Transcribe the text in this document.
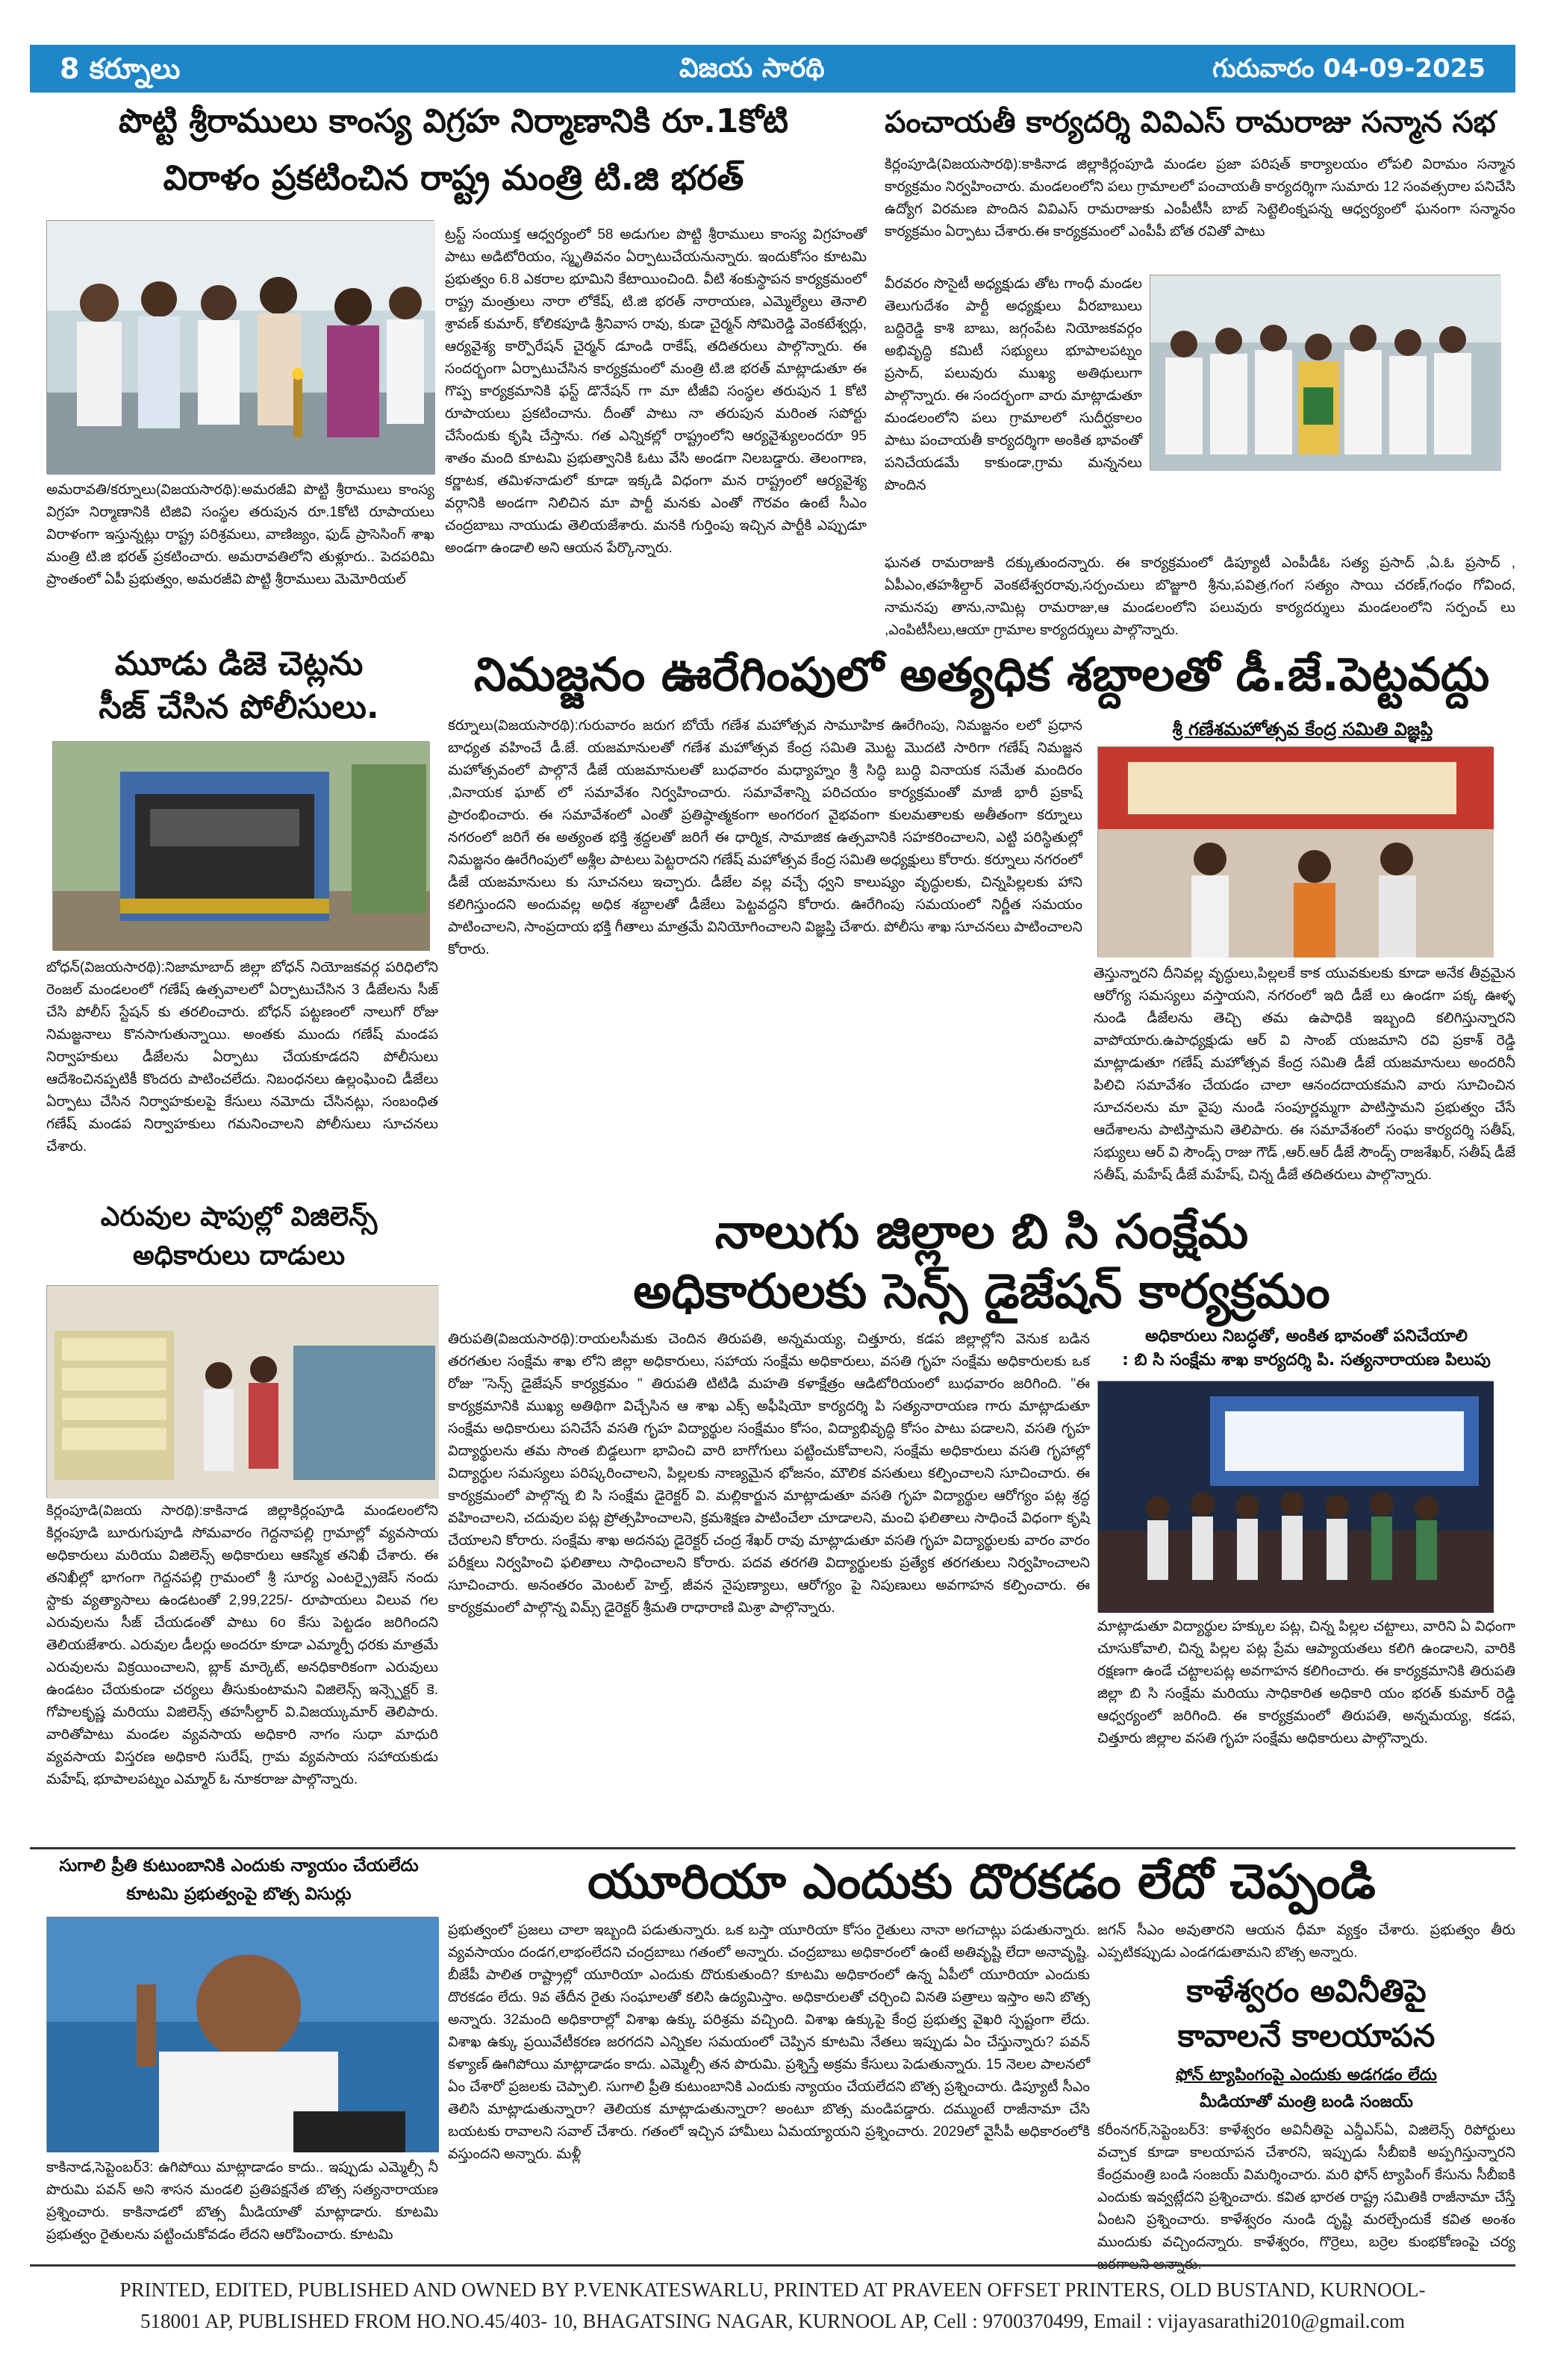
8 కర్నూలు	విజయ సారథి	గురువారం 04-09-2025
పొట్టి శ్రీరాములు కాంస్య విగ్రహ నిర్మాణానికి రూ.1కోటి
విరాళం ప్రకటించిన రాష్ట్ర మంత్రి టి.జి భరత్
అమరావతి/కర్నూలు(విజయసారథి):అమరజీవి పొట్టి శ్రీరాములు కాంస్య విగ్రహ నిర్మాణానికి టిజివి సంస్థల తరుపున రూ.1కోటి రూపాయలు విరాళంగా ఇస్తున్నట్లు రాష్ట్ర పరిశ్రమలు, వాణిజ్యం, ఫుడ్ ప్రాసెసింగ్ శాఖ మంత్రి టి.జి భరత్ ప్రకటించారు. అమరావతిలోని తుళ్లూరు.. పెదపరిమి ప్రాంతంలో ఏపీ ప్రభుత్వం, అమరజీవి పొట్టి శ్రీరాములు మెమోరియల్
ట్రస్ట్ సంయుక్త ఆధ్వర్యంలో 58 అడుగుల పొట్టి శ్రీరాములు కాంస్య విగ్రహంతో పాటు అడిటోరియం, స్మృతివనం ఏర్పాటుచేయనున్నారు. ఇందుకోసం కూటమి ప్రభుత్వం 6.8 ఎకరాల భూమిని కేటాయించింది. వీటి శంకుస్థాపన కార్యక్రమంలో రాష్ట్ర మంత్రులు నారా లోకేష్, టి.జి భరత్ నారాయణ, ఎమ్మెల్యేలు తెనాలి శ్రావణ్ కుమార్, కోలికపూడి శ్రీనివాస రావు, కుడా చైర్మన్ సోమిరెడ్డి వెంకటేశ్వర్లు, ఆర్యవైశ్య కార్పొరేషన్ చైర్మన్ డూండి రాకేష్, తదితరులు పాల్గొన్నారు. ఈ సందర్భంగా ఏర్పాటుచేసిన కార్యక్రమంలో మంత్రి టి.జి భరత్ మాట్లాడుతూ ఈ గొప్ప కార్యక్రమానికి ఫస్ట్ డొనేషన్ గా మా టీజీవి సంస్థల తరుపున 1 కోటి రూపాయలు ప్రకటించాను. దీంతో పాటు నా తరుపున మరింత సపోర్టు చేసేందుకు కృషి చేస్తాను. గత ఎన్నికల్లో రాష్ట్రంలోని ఆర్యవైశ్యులందరూ 95 శాతం మంది కూటమి ప్రభుత్వానికి ఓటు వేసి అండగా నిలబడ్డారు. తెలంగాణ, కర్ణాటక, తమిళనాడులో కూడా ఇక్కడి విధంగా మన రాష్ట్రంలో ఆర్యవైశ్య వర్గానికి అండగా నిలిచిన మా పార్టీ మనకు ఎంతో గౌరవం ఉంటే సీఎం చంద్రబాబు నాయుడు తెలియజేశారు. మనకి గుర్తింపు ఇచ్చిన పార్టీకి ఎప్పుడూ అండగా ఉండాలి అని ఆయన పేర్కొన్నారు.
పంచాయతీ కార్యదర్శి వివిఎస్ రామరాజు సన్మాన సభ
కిర్లంపూడి(విజయసారథి):కాకినాడ జిల్లాకిర్లంపూడి మండల ప్రజా పరిషత్ కార్యాలయం లోపలి విరామం సన్మాన కార్యక్రమం నిర్వహించారు. మండలంలోని పలు గ్రామాలలో పంచాయతీ కార్యదర్శిగా సుమారు 12 సంవత్సరాల పనిచేసి ఉద్యోగ విరమణ పొందిన వివిఎస్ రామరాజుకు ఎంపీటీసీ బాబ్ సెట్టెలింక్నపన్న ఆధ్వర్యంలో ఘనంగా సన్మానం కార్యక్రమం ఏర్పాటు చేశారు.ఈ కార్యక్రమంలో ఎంపీపీ బోత రవితో పాటు
వీరవరం సొసైటీ అధ్యక్షుడు తోట గాంధీ మండల తెలుగుదేశం పార్టీ అధ్యక్షులు వీరబాబులు బద్దిరెడ్డి కాశి బాబు, జగ్గంపేట నియోజకవర్గం అభివృద్ధి కమిటీ సభ్యులు భూపాలపట్నం ప్రసాద్, పలువురు ముఖ్య అతిథులుగా పాల్గొన్నారు. ఈ సందర్భంగా వారు మాట్లాడుతూ మండలంలోని పలు గ్రామాలలో సుదీర్ఘకాలం పాటు పంచాయతీ కార్యదర్శిగా అంకిత భావంతో పనిచేయడమే కాకుండా,గ్రామ మన్ననలు పొందిన
ఘనత రామరాజుకి దక్కుతుందన్నారు. ఈ కార్యక్రమంలో డిప్యూటీ ఎంపీడీఓ సత్య ప్రసాద్ ,ఏ.ఓ ప్రసాద్ , ఏపీఎం,తహశీల్దార్ వెంకటేశ్వరరావు,సర్పంచులు బొజ్జూరి శ్రీను,పవిత్ర,గంగ సత్యం సాయి చరణ్,గంధం గోవింద, నామనపు తాను,నామిట్ల రామరాజు,ఆ మండలంలోని పలువురు కార్యదర్శులు మండలంలోని సర్పంచ్ లు ,ఎంపిటీసీలు,ఆయా గ్రామాల కార్యదర్శులు పాల్గొన్నారు.
మూడు డిజె చెట్లను
సీజ్ చేసిన పోలీసులు.
బోధన్(విజయసారథి):నిజామాబాద్ జిల్లా బోధన్ నియోజకవర్గ పరిధిలోని రెంజల్ మండలంలో గణేష్ ఉత్సవాలలో ఏర్పాటుచేసిన 3 డీజేలను సీజ్ చేసి పోలీస్ స్టేషన్ కు తరలించారు. బోధన్ పట్టణంలో నాలుగో రోజు నిమజ్జనాలు కొనసాగుతున్నాయి. అంతకు ముందు గణేష్ మండప నిర్వాహకులు డీజేలను ఏర్పాటు చేయకూడదని పోలీసులు ఆదేశించినప్పటికీ కొందరు పాటించలేదు. నిబంధనలు ఉల్లంఘించి డీజేలు ఏర్పాటు చేసిన నిర్వాహకులపై కేసులు నమోదు చేసినట్లు, సంబంధిత గణేష్ మండప నిర్వాహకులు గమనించాలని పోలీసులు సూచనలు చేశారు.
నిమజ్జనం ఊరేగింపులో అత్యధిక శబ్దాలతో డీ.జే.పెట్టవద్దు
కర్నూలు(విజయసారథి):గురువారం జరుగ బోయే గణేశ మహోత్సవ సామూహిక ఊరేగింపు, నిమజ్జనం లలో ప్రధాన బాధ్యత వహించే డీ.జే. యజమానులతో గణేశ మహోత్సవ కేంద్ర సమితి మొట్ట మొదటి సారిగా గణేష్ నిమజ్జన మహోత్సవంలో పాల్గొనే డీజే యజమానులతో బుధవారం మధ్యాహ్నం శ్రీ సిద్ధి బుద్ధి వినాయక సమేత మందిరం ,వినాయక ఘాట్ లో సమావేశం నిర్వహించారు. సమావేశాన్ని పరిచయం కార్యక్రమంతో మాజీ భారీ ప్రకాష్ ప్రారంభించారు. ఈ సమావేశంలో ఎంతో ప్రతిష్ఠాత్మకంగా అంగరంగ వైభవంగా కులమతాలకు అతీతంగా కర్నూలు నగరంలో జరిగే ఈ అత్యంత భక్తి శ్రద్ధలతో జరిగే ఈ ధార్మిక, సామాజిక ఉత్సవానికి సహకరించాలని, ఎట్టి పరిస్థితుల్లో నిమజ్జనం ఊరేగింపులో అశ్లీల పాటలు పెట్టరాదని గణేష్ మహోత్సవ కేంద్ర సమితి అధ్యక్షులు కోరారు. కర్నూలు నగరంలో డీజే యజమానులు కు సూచనలు ఇచ్చారు. డీజేల వల్ల వచ్చే ధ్వని కాలుష్యం వృద్ధులకు, చిన్నపిల్లలకు హాని కలిగిస్తుందని అందువల్ల అధిక శబ్దాలతో డీజేలు పెట్టవద్దని కోరారు. ఊరేగింపు సమయంలో నిర్ణీత సమయం పాటించాలని, సాంప్రదాయ భక్తి గీతాలు మాత్రమే వినియోగించాలని విజ్ఞప్తి చేశారు. పోలీసు శాఖ సూచనలు పాటించాలని కోరారు.
శ్రీ గణేశమహోత్సవ కేంద్ర సమితి విజ్ఞప్తి
తెస్తున్నారని దీనివల్ల వృద్ధులు,పిల్లలకే కాక యువకులకు కూడా అనేక తీవ్రమైన ఆరోగ్య సమస్యలు వస్తాయని, నగరంలో ఇది డీజే లు ఉండగా పక్క ఊళ్ళ నుండి డీజేలను తెచ్చి తమ ఉపాధికి ఇబ్బంది కలిగిస్తున్నారని వాపోయారు.ఉపాధ్యక్షుడు ఆర్ వి సాంబ్ యజమాని రవి ప్రకాశ్ రెడ్డి మాట్లాడుతూ గణేష్ మహోత్సవ కేంద్ర సమితి డీజే యజమానులు అందరినీ పిలిచి సమావేశం చేయడం చాలా ఆనందదాయకమని వారు సూచించిన సూచనలను మా వైపు నుండి సంపూర్ణమ్మగా పాటిస్తామని ప్రభుత్వం చేసే ఆదేశాలను పాటిస్తామని తెలిపారు. ఈ సమావేశంలో సంఘ కార్యదర్శి సతీష్, సభ్యులు ఆర్ వి సౌండ్స్ రాజు గౌడ్ ,ఆర్.ఆర్ డీజే సౌండ్స్ రాజశేఖర్, సతీష్ డీజే సతీష్, మహేష్ డీజే మహేష్, చిన్న డీజే తదితరులు పాల్గొన్నారు.
ఎరువుల షాపుల్లో విజిలెన్స్
అధికారులు దాడులు
కిర్లంపూడి(విజయ సారథి):కాకినాడ జిల్లాకిర్లంపూడి మండలంలోని కిర్లంపూడి బూరుగుపూడి సోమవారం గెద్దనాపల్లి గ్రామాల్లో వ్యవసాయ అధికారులు మరియు విజిలెన్స్ అధికారులు ఆకస్మిక తనిఖీ చేశారు. ఈ తనిఖీల్లో భాగంగా గెద్దనపల్లి గ్రామంలో శ్రీ సూర్య ఎంటర్ప్రైజెస్ నందు స్టాకు వ్యత్యాసాలు ఉండటంతో 2,99,225/- రూపాయలు విలువ గల ఎరువులను సీజ్ చేయడంతో పాటు 6o కేసు పెట్టడం జరిగిందని తెలియజేశారు. ఎరువుల డీలర్లు అందరూ కూడా ఎమ్మార్పీ ధరకు మాత్రమే ఎరువులను విక్రయించాలని, బ్లాక్ మార్కెట్, అనధికారికంగా ఎరువులు ఉండటం చేయకుండా చర్యలు తీసుకుంటామని విజిలెన్స్ ఇన్స్పెక్టర్ కె. గోపాలకృష్ణ మరియు విజిలెన్స్ తహసీల్దార్ వి.విజయ్కుమార్ తెలిపారు. వారితోపాటు మండల వ్యవసాయ అధికారి నాగం సుధా మాధురి వ్యవసాయ విస్తరణ అధికారి సురేష్, గ్రామ వ్యవసాయ సహాయకుడు మహేష్, భూపాలపట్నం ఎమ్మార్ ఓ నూకరాజు పాల్గొన్నారు.
నాలుగు జిల్లాల బి సి సంక్షేమ
అధికారులకు సెన్స్ డైజేషన్ కార్యక్రమం
తిరుపతి(విజయసారథి):రాయలసీమకు చెందిన తిరుపతి, అన్నమయ్య, చిత్తూరు, కడప జిల్లాల్లోని వెనుక బడిన తరగతుల సంక్షేమ శాఖ లోని జిల్లా అధికారులు, సహాయ సంక్షేమ అధికారులు, వసతి గృహ సంక్షేమ అధికారులకు ఒక రోజు "సెన్స్ డైజేషన్ కార్యక్రమం " తిరుపతి టిటిడి మహతి కళాక్షేత్రం ఆడిటోరియంలో బుధవారం జరిగింది. "ఈ కార్యక్రమానికి ముఖ్య అతిథిగా విచ్చేసిన ఆ శాఖ ఎక్స్ అఫీషియో కార్యదర్శి పి సత్యనారాయణ గారు మాట్లాడుతూ సంక్షేమ అధికారులు పనిచేసే వసతి గృహ విద్యార్థుల సంక్షేమం కోసం, విద్యాభివృద్ధి కోసం పాటు పడాలని, వసతి గృహ విద్యార్థులను తమ సొంత బిడ్డలుగా భావించి వారి బాగోగులు పట్టించుకోవాలని, సంక్షేమ అధికారులు వసతి గృహాల్లో విద్యార్థుల సమస్యలు పరిష్కరించాలని, పిల్లలకు నాణ్యమైన భోజనం, మౌలిక వసతులు కల్పించాలని సూచించారు. ఈ కార్యక్రమంలో పాల్గొన్న బి సి సంక్షేమ డైరెక్టర్ వి. మల్లికార్జున మాట్లాడుతూ వసతి గృహ విద్యార్థుల ఆరోగ్యం పట్ల శ్రద్ధ వహించాలని, చదువుల పట్ల ప్రోత్సహించాలని, క్రమశిక్షణ పాటించేలా చూడాలని, మంచి ఫలితాలు సాధించే విధంగా కృషి చేయాలని కోరారు. సంక్షేమ శాఖ అదనపు డైరెక్టర్ చంద్ర శేఖర్ రావు మాట్లాడుతూ వసతి గృహ విద్యార్థులకు వారం వారం పరీక్షలు నిర్వహించి ఫలితాలు సాధించాలని కోరారు. పదవ తరగతి విద్యార్థులకు ప్రత్యేక తరగతులు నిర్వహించాలని సూచించారు. అనంతరం మెంటల్ హెల్త్, జీవన నైపుణ్యాలు, ఆరోగ్యం పై నిపుణులు అవగాహన కల్పించారు. ఈ కార్యక్రమంలో పాల్గొన్న విమ్స్ డైరెక్టర్ శ్రీమతి రాధారాణి మిశ్రా పాల్గొన్నారు.
అధికారులు నిబద్ధతో, అంకిత భావంతో పనిచేయాలి
: బి సి సంక్షేమ శాఖ కార్యదర్శి పి. సత్యనారాయణ పిలుపు
మాట్లాడుతూ విద్యార్థుల హక్కుల పట్ల, చిన్న పిల్లల చట్టాలు, వారిని ఏ విధంగా చూసుకోవాలి, చిన్న పిల్లల పట్ల ప్రేమ ఆప్యాయతలు కలిగి ఉండాలని, వారికి రక్షణగా ఉండే చట్టాలపట్ల అవగాహన కలిగించారు. ఈ కార్యక్రమానికి తిరుపతి జిల్లా బి సి సంక్షేమ మరియు సాధికారిత అధికారి యం భరత్ కుమార్ రెడ్డి ఆధ్వర్యంలో జరిగింది. ఈ కార్యక్రమంలో తిరుపతి, అన్నమయ్య, కడప, చిత్తూరు జిల్లాల వసతి గృహ సంక్షేమ అధికారులు పాల్గొన్నారు.
సుగాలి ప్రీతి కుటుంబానికి ఎందుకు న్యాయం చేయలేదు
కూటమి ప్రభుత్వంపై బొత్స విసుర్లు	యూరియా ఎందుకు దొరకడం లేదో చెప్పండి
కాకినాడ,సెప్టెంబర్3: ఉగిపోయి మాట్లాడాడం కాదు.. ఇప్పుడు ఎమ్మెల్సీ నీ పొరుమి పవన్ అని శాసన మండలి ప్రతిపక్షనేత బొత్స సత్యనారాయణ ప్రశ్నించారు. కాకినాడలో బొత్స మీడియాతో మాట్లాడారు. కూటమి ప్రభుత్వం రైతులను పట్టించుకోవడం లేదని ఆరోపించారు. కూటమి
ప్రభుత్వంలో ప్రజలు చాలా ఇబ్బంది పడుతున్నారు. ఒక బస్తా యూరియా కోసం రైతులు నానా అగచాట్లు పడుతున్నారు. వ్యవసాయం దండగ,లాభంలేదని చంద్రబాబు గతంలో అన్నారు. చంద్రబాబు అధికారంలో ఉంటే అతివృష్టి లేదా అనావృష్టి. బీజేపీ పాలిత రాష్ట్రాల్లో యూరియా ఎందుకు దొరుకుతుంది? కూటమి అధికారంలో ఉన్న ఏపీలో యూరియా ఎందుకు దొరకడం లేదు. 9వ తేదీన రైతు సంఘాలతో కలిసి ఉద్యమిస్తాం. అధికారులతో చర్చించి వినతి పత్రాలు ఇస్తాం అని బొత్స అన్నారు. 32మంది అధికారాల్లో విశాఖ ఉక్కు పరిశ్రమ వచ్చింది. విశాఖ ఉక్కుపై కేంద్ర ప్రభుత్వ వైఖరి స్పష్టంగా లేదు. విశాఖ ఉక్కు ప్రయివేటీకరణ జరగదని ఎన్నికల సమయంలో చెప్పిన కూటమి నేతలు ఇప్పుడు ఏం చేస్తున్నారు? పవన్ కళ్యాణ్ ఊగిపోయి మాట్లాడాడం కాదు. ఎమ్మెల్సీ తన పొరుమి. ప్రశ్నిస్తే అక్రమ కేసులు పెడుతున్నారు. 15 నెలల పాలనలో ఏం చేశారో ప్రజలకు చెప్పాలి. సుగాలి ప్రీతి కుటుంబానికి ఎందుకు న్యాయం చేయలేదని బొత్స ప్రశ్నించారు. డిప్యూటీ సీఎం తెలిసి మాట్లాడుతున్నారా? తెలియక మాట్లాడుతున్నారా? అంటూ బొత్స మండిపడ్డారు. దమ్ముంటే రాజీనామా చేసి బయటకు రావాలని సవాల్ చేశారు. గతంలో ఇచ్చిన హామీలు ఏమయ్యాయని ప్రశ్నించారు. 2029లో వైసీపీ అధికారంలోకి వస్తుందని అన్నారు. మళ్లీ
జగన్ సీఎం అవుతారని ఆయన ధీమా వ్యక్తం చేశారు. ప్రభుత్వం తీరు ఎప్పటికప్పుడు ఎండగడుతామని బొత్స అన్నారు.
కాళేశ్వరం అవినీతిపై
కావాలనే కాలయాపన
ఫోన్ ట్యాపింగంపై ఎందుకు అడగడం లేదు
మీడియాతో మంత్రి బండి సంజయ్
కరీంనగర్,సెప్టెంబర్3: కాళేశ్వరం అవినీతిపై ఎన్డీఎస్ఏ, విజిలెన్స్ రిపోర్టులు వచ్చాక కూడా కాలయాపన చేశారని, ఇప్పుడు సీబీఐకి అప్పగిస్తున్నారని కేంద్రమంత్రి బండి సంజయ్ విమర్శించారు. మరి ఫోన్ ట్యాపింగ్ కేసును సీబీఐకి ఎందుకు ఇవ్వట్లేదని ప్రశ్నించారు. కవిత భారత రాష్ట్ర సమితికి రాజీనామా చేస్తే ఏంటని ప్రశ్నించారు. కాళేశ్వరం నుండి దృష్టి మరల్చేందుకే కవిత అంశం ముందుకు వచ్చిందన్నారు. కాళేశ్వరం, గొర్రెలు, బర్రెల కుంభకోణంపై చర్య జరగాలని అన్నారు.
PRINTED, EDITED, PUBLISHED AND OWNED BY P.VENKATESWARLU, PRINTED AT PRAVEEN OFFSET PRINTERS, OLD BUSTAND, KURNOOL-
518001 AP, PUBLISHED FROM HO.NO.45/403- 10, BHAGATSING NAGAR, KURNOOL AP, Cell : 9700370499, Email : vijayasarathi2010@gmail.com
